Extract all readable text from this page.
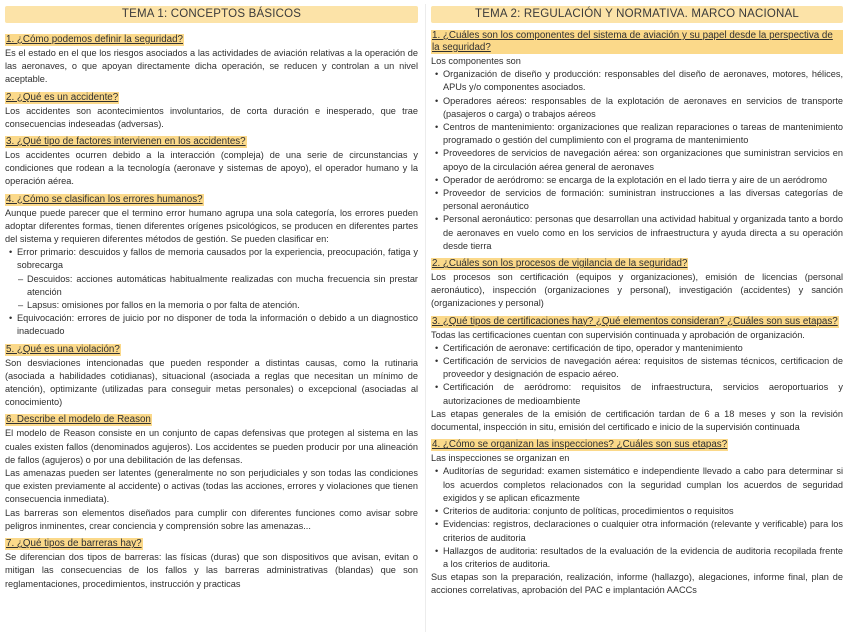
TEMA 1: CONCEPTOS BÁSICOS
1. ¿Cómo podemos definir la seguridad?

Es el estado en el que los riesgos asociados a las actividades de aviación relativas a la operación de las aeronaves, o que apoyan directamente dicha operación, se reducen y controlan a un nivel aceptable.

2. ¿Qué es un accidente?

Los accidentes son acontecimientos involuntarios, de corta duración e inesperado, que trae consecuencias indeseadas (adversas).

3. ¿Qué tipo de factores intervienen en los accidentes?

Los accidentes ocurren debido a la interacción (compleja) de una serie de circunstancias y condiciones que rodean a la tecnología (aeronave y sistemas de apoyo), el operador humano y la operación aérea.

4. ¿Cómo se clasifican los errores humanos?

Aunque puede parecer que el termino error humano agrupa una sola categoría, los errores pueden adoptar diferentes formas, tienen diferentes orígenes psicológicos, se producen en diferentes partes del sistema y requieren diferentes métodos de gestión. Se pueden clasificar en:

• Error primario: descuidos y fallos de memoria causados por la experiencia, preocupación, fatiga y sobrecarga
– Descuidos: acciones automáticas habitualmente realizadas con mucha frecuencia sin prestar atención
– Lapsus: omisiones por fallos en la memoria o por falta de atención.
• Equivocación: errores de juicio por no disponer de toda la información o debido a un diagnostico inadecuado
5. ¿Qué es una violación?

Son desviaciones intencionadas que pueden responder a distintas causas, como la rutinaria (asociada a habilidades cotidianas), situacional (asociada a reglas que necesitan un mínimo de atención), optimizante (utilizadas para conseguir metas personales) o excepcional (asociadas al conocimiento)

6. Describe el modelo de Reason

El modelo de Reason consiste en un conjunto de capas defensivas que protegen al sistema en las cuales existen fallos (denominados agujeros). Los accidentes se pueden producir por una alineación de fallos (agujeros) o por una debilitación de las defensas.

Las amenazas pueden ser latentes (generalmente no son perjudiciales y son todas las condiciones que existen previamente al accidente) o activas (todas las acciones, errores y violaciones que tienen consecuencia inmediata).

Las barreras son elementos diseñados para cumplir con diferentes funciones como avisar sobre peligros inminentes, crear conciencia y comprensión sobre las amenazas...

7. ¿Qué tipos de barreras hay?

Se diferencian dos tipos de barreras: las físicas (duras) que son dispositivos que avisan, evitan o mitigan las consecuencias de los fallos y las barreras administrativas (blandas) que son reglamentaciones, procedimientos, instrucción y practicas

TEMA 2: REGULACIÓN Y NORMATIVA. MARCO NACIONAL
1. ¿Cuáles son los componentes del sistema de aviación y su papel desde la perspectiva de la seguridad?

Los componentes son

• Organización de diseño y producción: responsables del diseño de aeronaves, motores, hélices, APUs y/o componentes asociados.
• Operadores aéreos: responsables de la explotación de aeronaves en servicios de transporte (pasajeros o carga) o trabajos aéreos
• Centros de mantenimiento: organizaciones que realizan reparaciones o tareas de mantenimiento programado o gestión del cumplimiento con el programa de mantenimiento
• Proveedores de servicios de navegación aérea: son organizaciones que suministran servicios en apoyo de la circulación aérea general de aeronaves
• Operador de aeródromo: se encarga de la explotación en el lado tierra y aire de un aeródromo
• Proveedor de servicios de formación: suministran instrucciones a las diversas categorías de personal aeronáutico
• Personal aeronáutico: personas que desarrollan una actividad habitual y organizada tanto a bordo de aeronaves en vuelo como en los servicios de infraestructura y ayuda directa a su operación desde tierra
2. ¿Cuáles son los procesos de vigilancia de la seguridad?

Los procesos son certificación (equipos y organizaciones), emisión de licencias (personal aeronáutico), inspección (organizaciones y personal), investigación (accidentes) y sanción (organizaciones y personal)

3. ¿Qué tipos de certificaciones hay? ¿Qué elementos consideran? ¿Cuáles son sus etapas?

Todas las certificaciones cuentan con supervisión continuada y aprobación de organización.

• Certificación de aeronave: certificación de tipo, operador y mantenimiento
• Certificación de servicios de navegación aérea: requisitos de sistemas técnicos, certificacion de proveedor y designación de espacio aéreo.
• Certificación de aeródromo: requisitos de infraestructura, servicios aeroportuarios y autorizaciones de medioambiente

Las etapas generales de la emisión de certificación tardan de 6 a 18 meses y son la revisión documental, inspección in situ, emisión del certificado e inicio de la supervisión continuada

4. ¿Cómo se organizan las inspecciones? ¿Cuáles son sus etapas?

Las inspecciones se organizan en

• Auditorías de seguridad: examen sistemático e independiente llevado a cabo para determinar si los acuerdos completos relacionados con la seguridad cumplan los acuerdos de seguridad exigidos y se aplican eficazmente
• Criterios de auditoria: conjunto de políticas, procedimientos o requisitos
• Evidencias: registros, declaraciones o cualquier otra información (relevante y verificable) para los criterios de auditoria
• Hallazgos de auditoria: resultados de la evaluación de la evidencia de auditoria recopilada frente a los criterios de auditoria.

Sus etapas son la preparación, realización, informe (hallazgo), alegaciones, informe final, plan de acciones correlativas, aprobación del PAC e implantación AACCs
